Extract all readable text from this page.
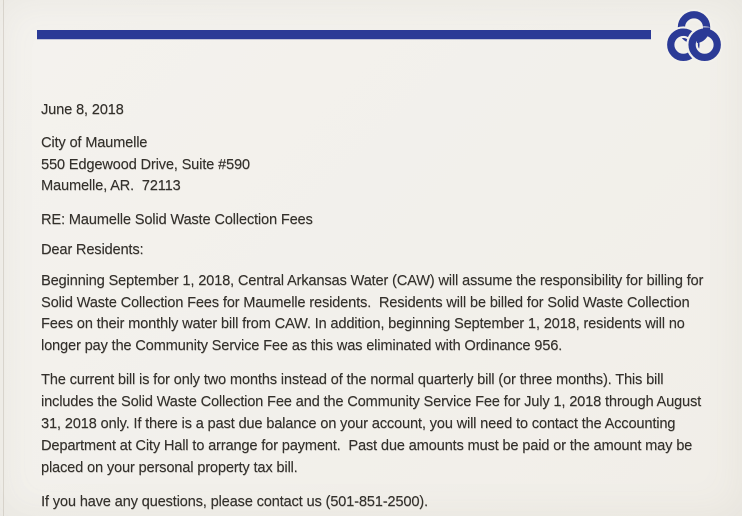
June 8, 2018

City of Maumelle

550 Edgewood Drive, Suite #590

Maumelle, AR.  72113

RE: Maumelle Solid Waste Collection Fees

Dear Residents:

Beginning September 1, 2018, Central Arkansas Water (CAW) will assume the responsibility for billing for Solid Waste Collection Fees for Maumelle residents.  Residents will be billed for Solid Waste Collection Fees on their monthly water bill from CAW. In addition, beginning September 1, 2018, residents will no longer pay the Community Service Fee as this was eliminated with Ordinance 956.

The current bill is for only two months instead of the normal quarterly bill (or three months). This bill includes the Solid Waste Collection Fee and the Community Service Fee for July 1, 2018 through August 31, 2018 only. If there is a past due balance on your account, you will need to contact the Accounting Department at City Hall to arrange for payment.  Past due amounts must be paid or the amount may be placed on your personal property tax bill.

If you have any questions, please contact us (501-851-2500).
